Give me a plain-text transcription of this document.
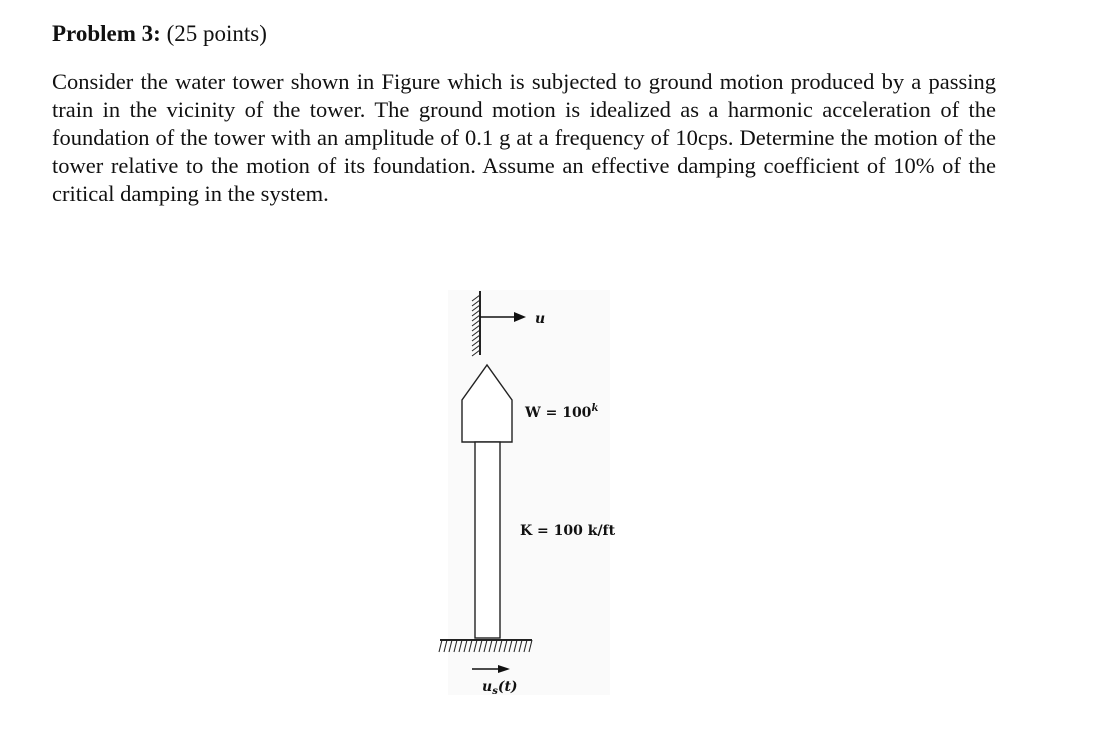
Problem 3: (25 points)

Consider the water tower shown in Figure which is subjected to ground motion produced by a passing train in the vicinity of the tower. The ground motion is idealized as a harmonic acceleration of the foundation of the tower with an amplitude of 0.1 g at a frequency of 10cps. Determine the motion of the tower relative to the motion of its foundation. Assume an effective damping coefficient of 10% of the critical damping in the system.

u
$W = 100^k$
K = 100 k/ft
$u_s(t)$
